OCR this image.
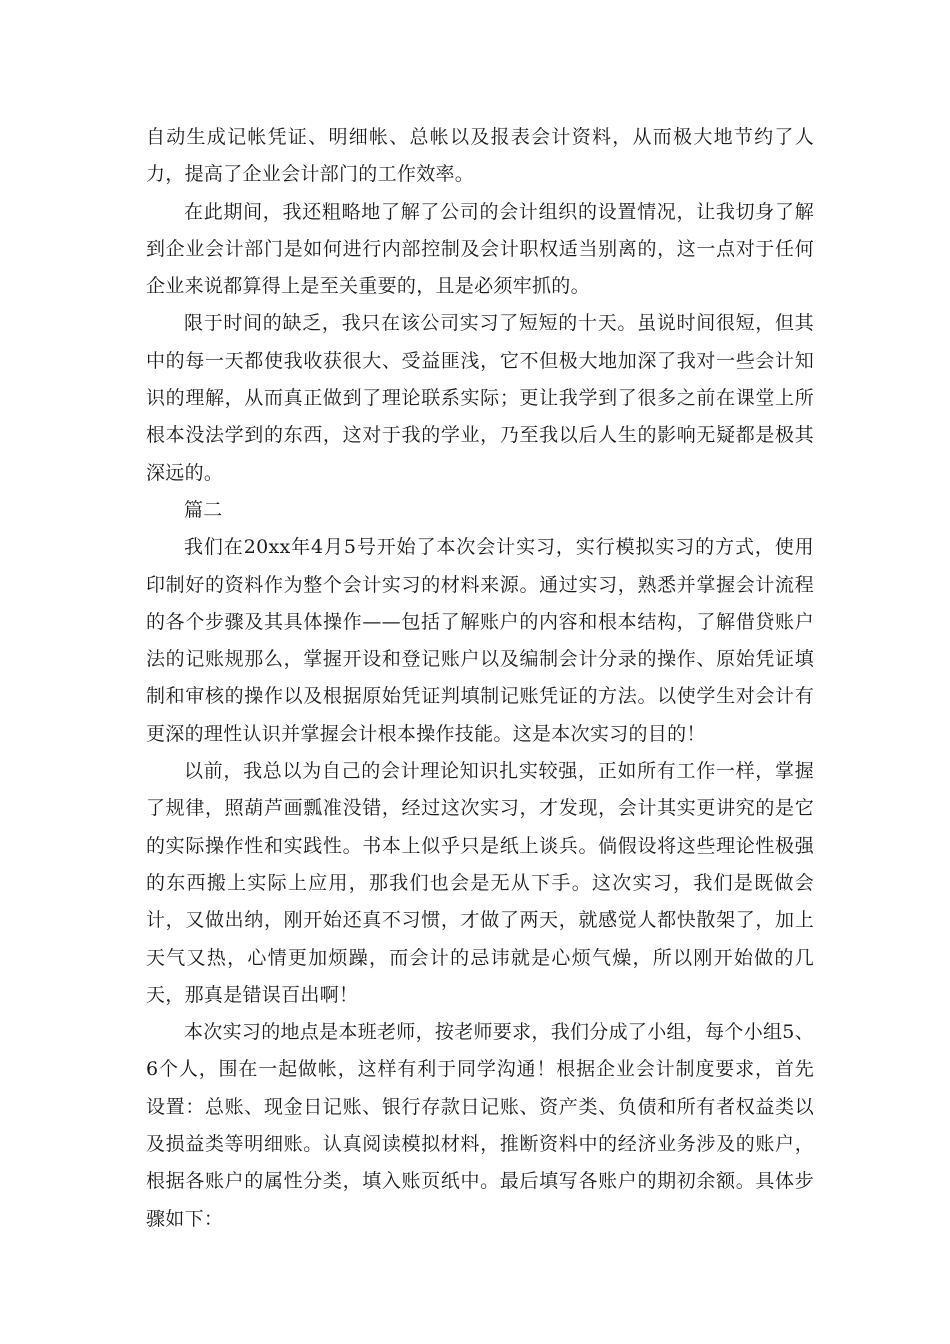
自动生成记帐凭证、明细帐、总帐以及报表会计资料，从而极大地节约了人力，提高了企业会计部门的工作效率。

在此期间，我还粗略地了解了公司的会计组织的设置情况，让我切身了解到企业会计部门是如何进行内部控制及会计职权适当别离的，这一点对于任何企业来说都算得上是至关重要的，且是必须牢抓的。

限于时间的缺乏，我只在该公司实习了短短的十天。虽说时间很短，但其中的每一天都使我收获很大、受益匪浅，它不但极大地加深了我对一些会计知识的理解，从而真正做到了理论联系实际；更让我学到了很多之前在课堂上所根本没法学到的东西，这对于我的学业，乃至我以后人生的影响无疑都是极其深远的。

篇二

我们在20xx年4月5号开始了本次会计实习，实行模拟实习的方式，使用印制好的资料作为整个会计实习的材料来源。通过实习，熟悉并掌握会计流程的各个步骤及其具体操作——包括了解账户的内容和根本结构，了解借贷账户法的记账规那么，掌握开设和登记账户以及编制会计分录的操作、原始凭证填制和审核的操作以及根据原始凭证判填制记账凭证的方法。以使学生对会计有更深的理性认识并掌握会计根本操作技能。这是本次实习的目的！

以前，我总以为自己的会计理论知识扎实较强，正如所有工作一样，掌握了规律，照葫芦画瓢准没错，经过这次实习，才发现，会计其实更讲究的是它的实际操作性和实践性。书本上似乎只是纸上谈兵。倘假设将这些理论性极强的东西搬上实际上应用，那我们也会是无从下手。这次实习，我们是既做会计，又做出纳，刚开始还真不习惯，才做了两天，就感觉人都快散架了，加上天气又热，心情更加烦躁，而会计的忌讳就是心烦气燥，所以刚开始做的几天，那真是错误百出啊！

本次实习的地点是本班老师，按老师要求，我们分成了小组，每个小组5、6个人，围在一起做帐，这样有利于同学沟通！根据企业会计制度要求，首先设置：总账、现金日记账、银行存款日记账、资产类、负债和所有者权益类以及损益类等明细账。认真阅读模拟材料，推断资料中的经济业务涉及的账户，根据各账户的属性分类，填入账页纸中。最后填写各账户的期初余额。具体步骤如下：
